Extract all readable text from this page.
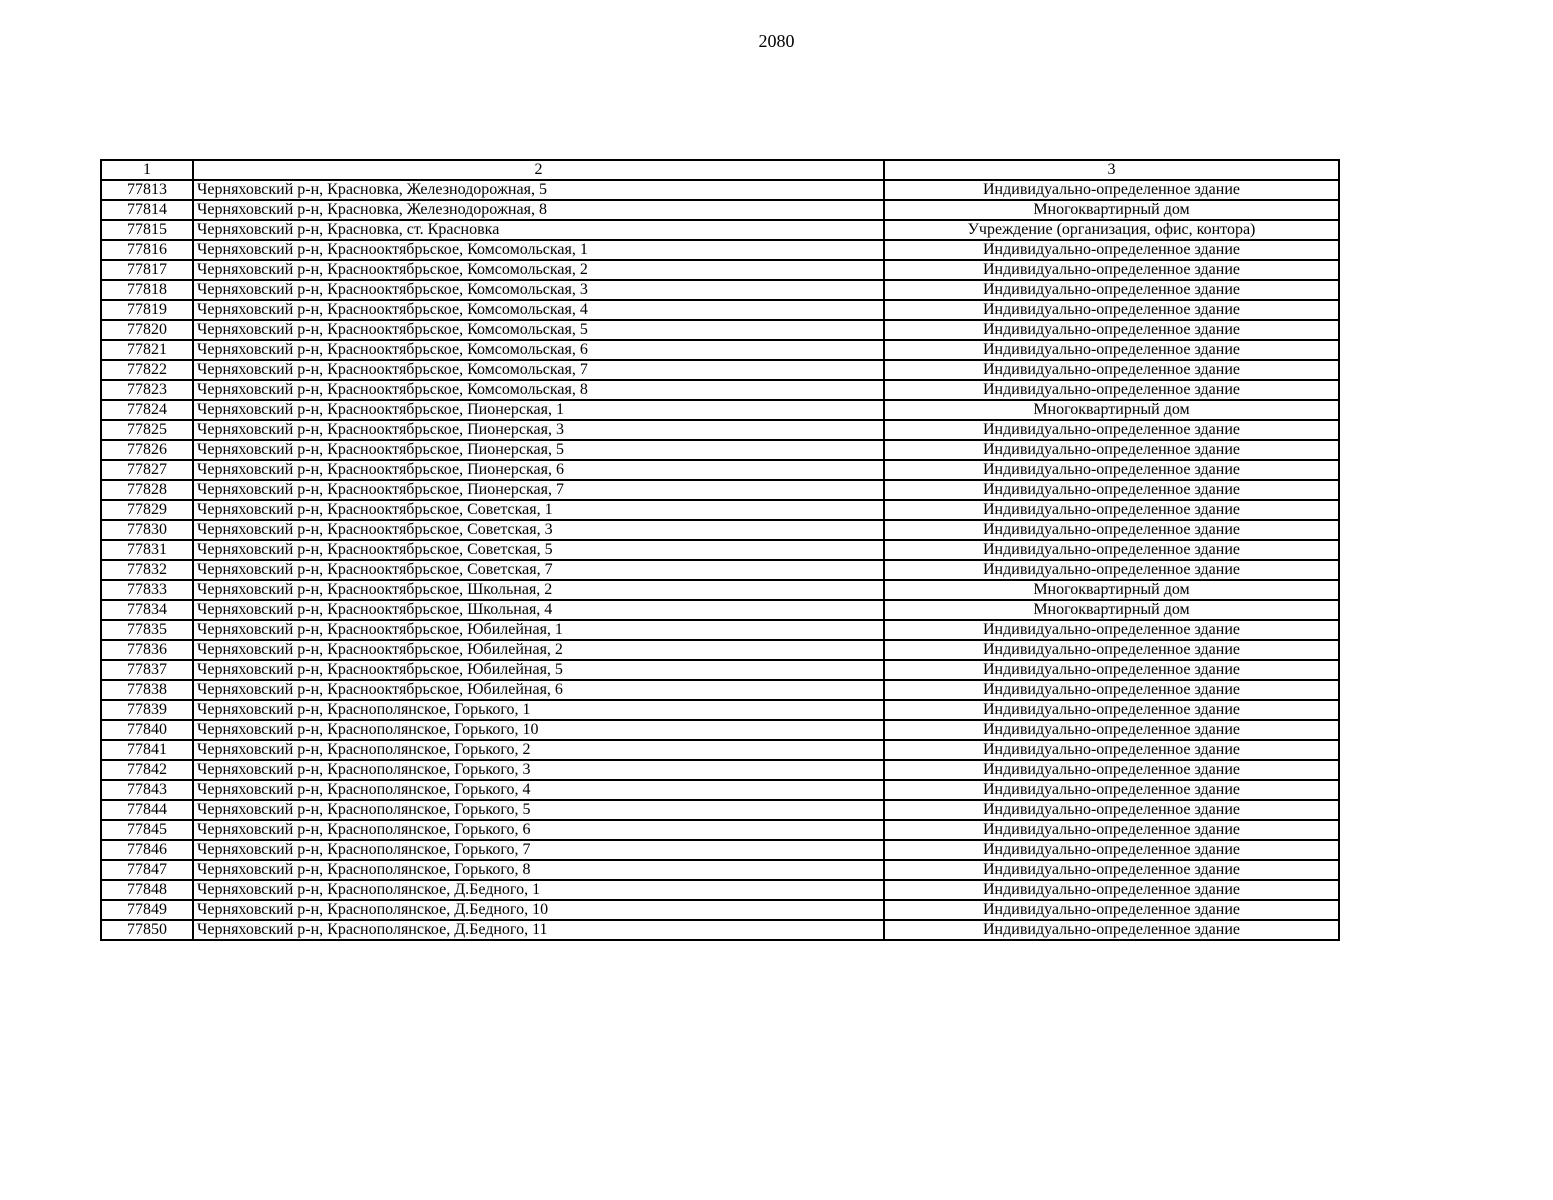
2080
1	2	3
77813	Черняховский р-н, Красновка, Железнодорожная, 5	Индивидуально-определенное здание
77814	Черняховский р-н, Красновка, Железнодорожная, 8	Многоквартирный дом
77815	Черняховский р-н, Красновка, ст. Красновка	Учреждение (организация, офис, контора)
77816	Черняховский р-н, Краснооктябрьское, Комсомольская, 1	Индивидуально-определенное здание
77817	Черняховский р-н, Краснооктябрьское, Комсомольская, 2	Индивидуально-определенное здание
77818	Черняховский р-н, Краснооктябрьское, Комсомольская, 3	Индивидуально-определенное здание
77819	Черняховский р-н, Краснооктябрьское, Комсомольская, 4	Индивидуально-определенное здание
77820	Черняховский р-н, Краснооктябрьское, Комсомольская, 5	Индивидуально-определенное здание
77821	Черняховский р-н, Краснооктябрьское, Комсомольская, 6	Индивидуально-определенное здание
77822	Черняховский р-н, Краснооктябрьское, Комсомольская, 7	Индивидуально-определенное здание
77823	Черняховский р-н, Краснооктябрьское, Комсомольская, 8	Индивидуально-определенное здание
77824	Черняховский р-н, Краснооктябрьское, Пионерская, 1	Многоквартирный дом
77825	Черняховский р-н, Краснооктябрьское, Пионерская, 3	Индивидуально-определенное здание
77826	Черняховский р-н, Краснооктябрьское, Пионерская, 5	Индивидуально-определенное здание
77827	Черняховский р-н, Краснооктябрьское, Пионерская, 6	Индивидуально-определенное здание
77828	Черняховский р-н, Краснооктябрьское, Пионерская, 7	Индивидуально-определенное здание
77829	Черняховский р-н, Краснооктябрьское, Советская, 1	Индивидуально-определенное здание
77830	Черняховский р-н, Краснооктябрьское, Советская, 3	Индивидуально-определенное здание
77831	Черняховский р-н, Краснооктябрьское, Советская, 5	Индивидуально-определенное здание
77832	Черняховский р-н, Краснооктябрьское, Советская, 7	Индивидуально-определенное здание
77833	Черняховский р-н, Краснооктябрьское, Школьная, 2	Многоквартирный дом
77834	Черняховский р-н, Краснооктябрьское, Школьная, 4	Многоквартирный дом
77835	Черняховский р-н, Краснооктябрьское, Юбилейная, 1	Индивидуально-определенное здание
77836	Черняховский р-н, Краснооктябрьское, Юбилейная, 2	Индивидуально-определенное здание
77837	Черняховский р-н, Краснооктябрьское, Юбилейная, 5	Индивидуально-определенное здание
77838	Черняховский р-н, Краснооктябрьское, Юбилейная, 6	Индивидуально-определенное здание
77839	Черняховский р-н, Краснополянское, Горького, 1	Индивидуально-определенное здание
77840	Черняховский р-н, Краснополянское, Горького, 10	Индивидуально-определенное здание
77841	Черняховский р-н, Краснополянское, Горького, 2	Индивидуально-определенное здание
77842	Черняховский р-н, Краснополянское, Горького, 3	Индивидуально-определенное здание
77843	Черняховский р-н, Краснополянское, Горького, 4	Индивидуально-определенное здание
77844	Черняховский р-н, Краснополянское, Горького, 5	Индивидуально-определенное здание
77845	Черняховский р-н, Краснополянское, Горького, 6	Индивидуально-определенное здание
77846	Черняховский р-н, Краснополянское, Горького, 7	Индивидуально-определенное здание
77847	Черняховский р-н, Краснополянское, Горького, 8	Индивидуально-определенное здание
77848	Черняховский р-н, Краснополянское, Д.Бедного, 1	Индивидуально-определенное здание
77849	Черняховский р-н, Краснополянское, Д.Бедного, 10	Индивидуально-определенное здание
77850	Черняховский р-н, Краснополянское, Д.Бедного, 11	Индивидуально-определенное здание
